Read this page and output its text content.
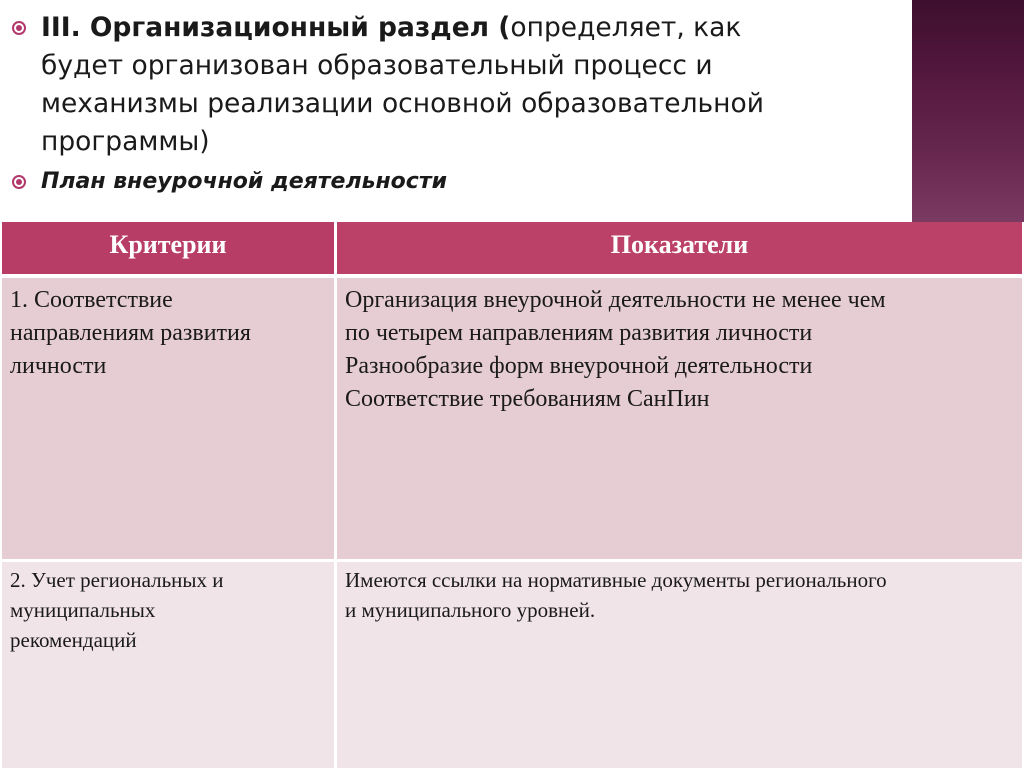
III. Организационный раздел (определяет, как
будет организован образовательный процесс и
механизмы реализации основной образовательной
программы)
План внеурочной деятельности
Критерии	Показатели
1. Соответствие
направлениям развития
личности
Организация внеурочной деятельности не менее чем
по четырем направлениям развития личности
Разнообразие форм внеурочной деятельности
Соответствие требованиям СанПин
2. Учет региональных и
муниципальных
рекомендаций
Имеются ссылки на нормативные документы регионального
и муниципального уровней.
